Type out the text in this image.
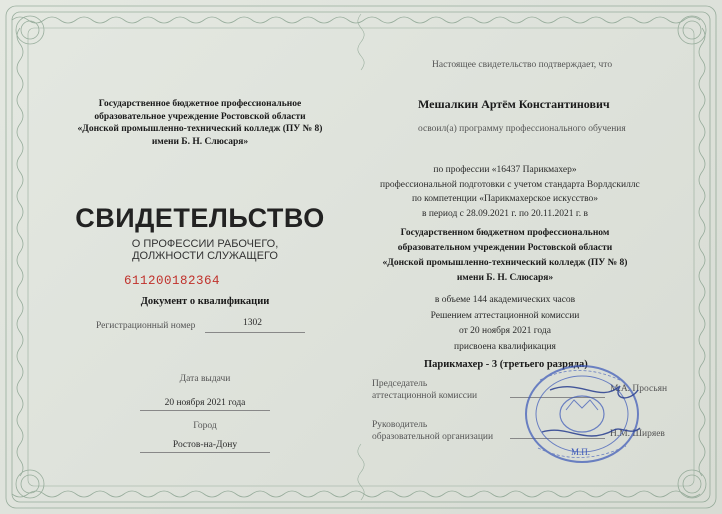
Государственное бюджетное профессиональное
образовательное учреждение Ростовской области
«Донской промышленно-технический колледж (ПУ № 8)
имени Б. Н. Слюсаря»
СВИДЕТЕЛЬСТВО
О ПРОФЕССИИ РАБОЧЕГО,
ДОЛЖНОСТИ СЛУЖАЩЕГО
611200182364
Документ о квалификации
Регистрационный номер	1302
Дата выдачи
20 ноября 2021 года
Город
Ростов-на-Дону
Настоящее свидетельство подтверждает, что
Мешалкин Артём Константинович
освоил(а) программу профессионального обучения
по профессии «16437 Парикмахер»
профессиональной подготовки с учетом стандарта Ворлдскиллс
по компетенции «Парикмахерское искусство»
в период с 28.09.2021 г. по 20.11.2021 г. в
Государственном бюджетном профессиональном
образовательном учреждении Ростовской области
«Донской промышленно-технический колледж (ПУ № 8)
имени Б. Н. Слюсаря»
в объеме 144 академических часов
Решением аттестационной комиссии
от 20 ноября 2021 года
присвоена квалификация
Парикмахер - 3 (третьего разряда)
Председатель
аттестационной комиссии
М.А. Просьян
Руководитель
образовательной организации	Н.М. Ширяев
М.П.
